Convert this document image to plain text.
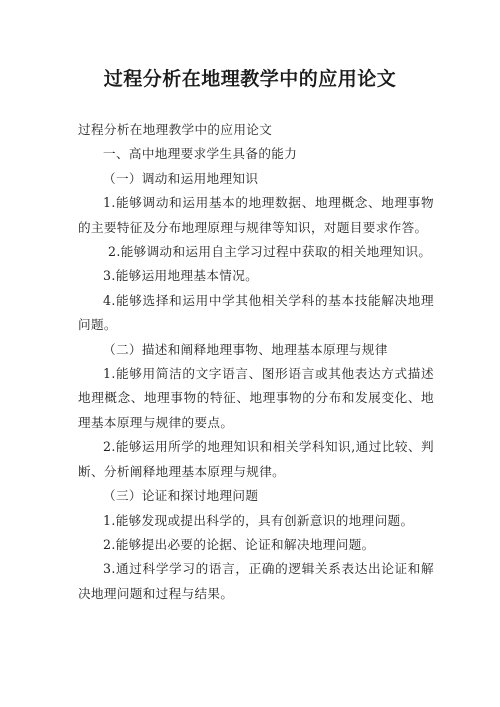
过程分析在地理教学中的应用论文

过程分析在地理教学中的应用论文

一、高中地理要求学生具备的能力

（一）调动和运用地理知识

1.能够调动和运用基本的地理数据、地理概念、地理事物的主要特征及分布地理原理与规律等知识，对题目要求作答。

2.能够调动和运用自主学习过程中获取的相关地理知识。

3.能够运用地理基本情况。

4.能够选择和运用中学其他相关学科的基本技能解决地理问题。

（二）描述和阐释地理事物、地理基本原理与规律

1.能够用简洁的文字语言、图形语言或其他表达方式描述地理概念、地理事物的特征、地理事物的分布和发展变化、地理基本原理与规律的要点。

2.能够运用所学的地理知识和相关学科知识,通过比较、判断、分析阐释地理基本原理与规律。

（三）论证和探讨地理问题

1.能够发现或提出科学的，具有创新意识的地理问题。

2.能够提出必要的论据、论证和解决地理问题。

3.通过科学学习的语言，正确的逻辑关系表达出论证和解决地理问题和过程与结果。
